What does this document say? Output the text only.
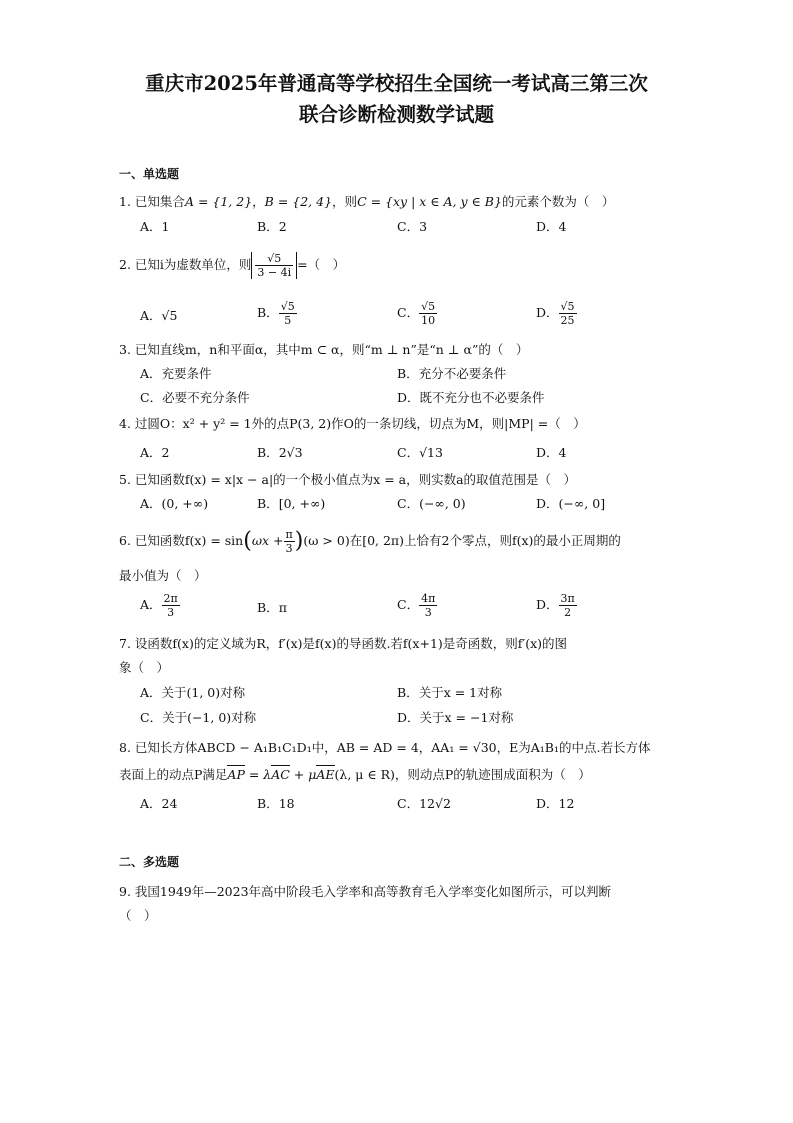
重庆市2025年普通高等学校招生全国统一考试高三第三次
联合诊断检测数学试题
一、单选题
1. 已知集合A = {1, 2}，B = {2, 4}，则C = {xy | x ∈ A, y ∈ B}的元素个数为（　）
A．1	B．2	C．3	D．4
2. 已知i为虚数单位，则 $\frac{√5}{3 - 4i}$ =（　）
A．√5	B． $\frac{√5}{5}$	C． $\frac{√5}{10}$	D． $\frac{√5}{25}$
3. 已知直线m，n和平面α，其中m ⊂ α，则“m ⊥ n”是“n ⊥ α”的（　）
A．充要条件	B．充分不必要条件
C．必要不充分条件	D．既不充分也不必要条件
4. 过圆O：x² + y² = 1外的点P(3, 2)作O的一条切线，切点为M，则|MP| =（　）
A．2	B．2√3	C．√13	D．4
5. 已知函数f(x) = x|x − a|的一个极小值点为x = a，则实数a的取值范围是（　）
A．(0, +∞)	B．[0, +∞)	C．(−∞, 0)	D．(−∞, 0]
6. 已知函数$f(x) = \sin(\omega x + \frac{\pi}{3} )(\omega > 0)$在[0, 2π)上恰有2个零点，则f(x)的最小正周期的
最小值为（　）
A． $\frac{2\pi}{3}$	B．π	C． $\frac{4\pi}{3}$	D． $\frac{3\pi}{2}$
7. 设函数f(x)的定义域为R，f′(x)是f(x)的导函数.若f(x+1)是奇函数，则f′(x)的图
象（　）
A．关于(1, 0)对称	B．关于x = 1对称
C．关于(−1, 0)对称	D．关于x = −1对称
8. 已知长方体ABCD − A₁B₁C₁D₁中，AB = AD = 4，AA₁ = √30，E为A₁B₁的中点.若长方体
表面上的动点P满足AP = λAC + μAE(λ, μ ∈ R)，则动点P的轨迹围成面积为（　）
A．24	B．18	C．12√2	D．12
二、多选题
9. 我国1949年—2023年高中阶段毛入学率和高等教育毛入学率变化如图所示，可以判断
（　）
